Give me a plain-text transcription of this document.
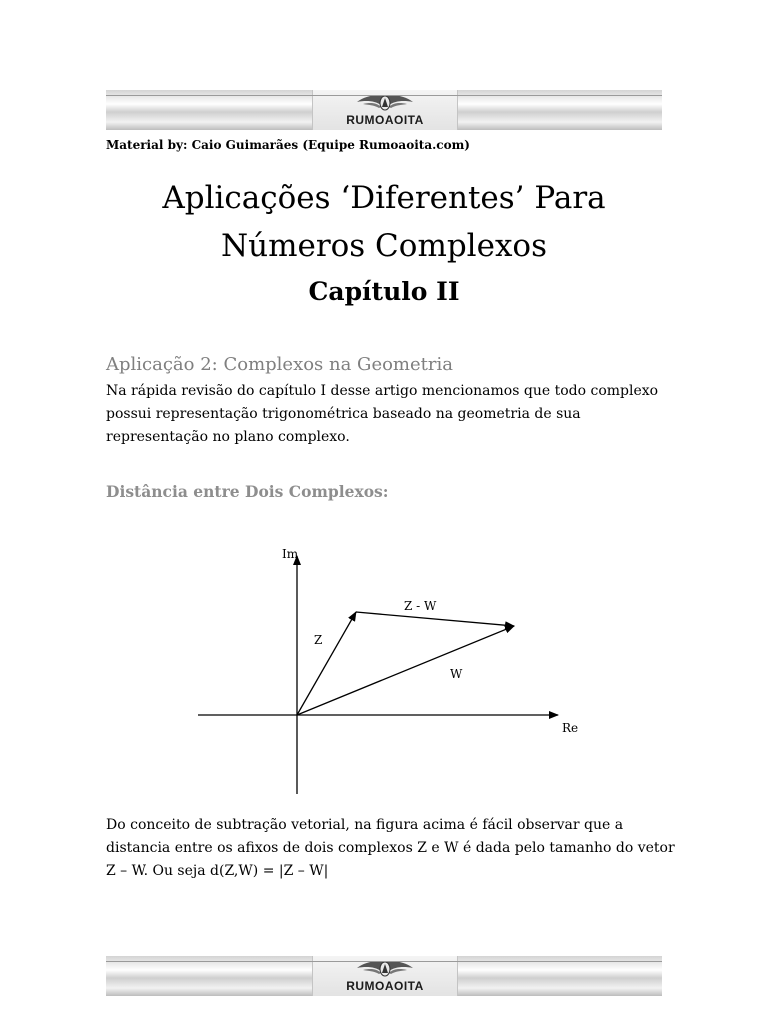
RUMOAOITA
Material by: Caio Guimarães (Equipe Rumoaoita.com)
Aplicações ‘Diferentes’ Para
Números Complexos
Capítulo II
Aplicação 2: Complexos na Geometria
Na rápida revisão do capítulo I desse artigo mencionamos que todo complexo possui representação trigonométrica baseado na geometria de sua representação no plano complexo.
Distância entre Dois Complexos:
Im
Re
Z
W
Z - W
Do conceito de subtração vetorial, na figura acima é fácil observar que a distancia entre os afixos de dois complexos Z e W é dada pelo tamanho do vetor Z – W. Ou seja d(Z,W) = |Z – W|
RUMOAOITA
